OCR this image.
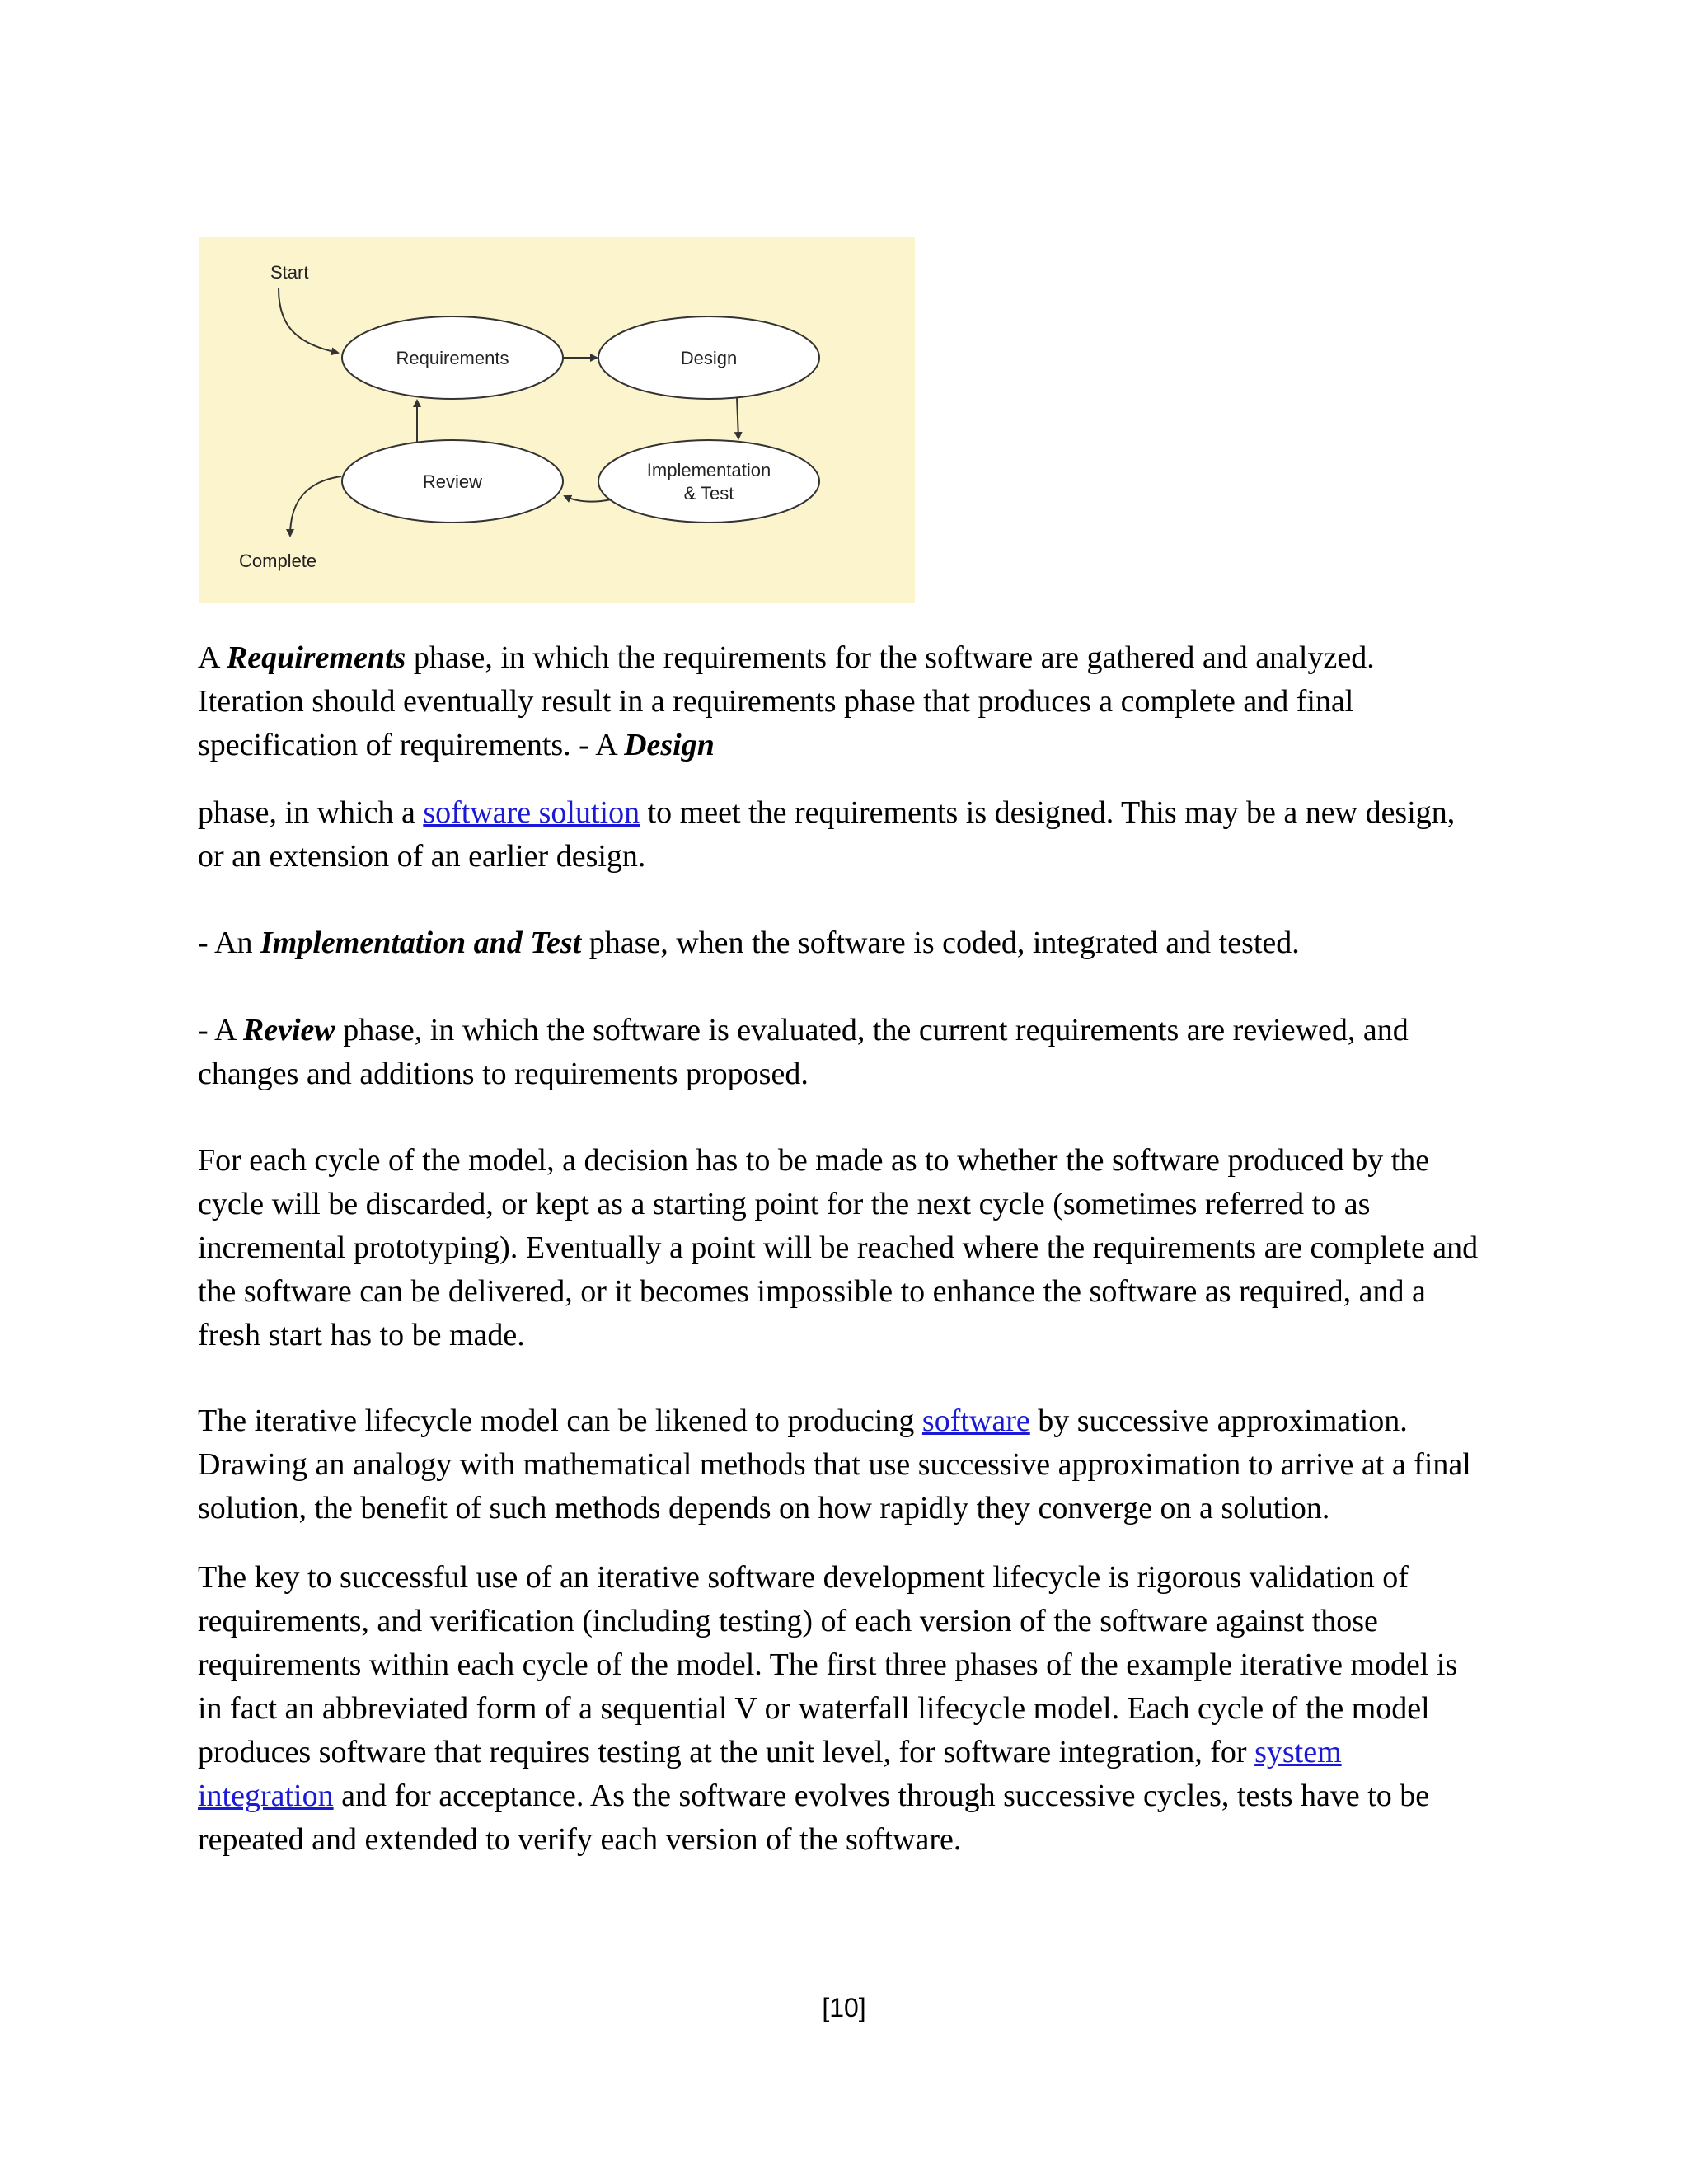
Start
Requirements	Design
Review
Implementation
& Test
Complete

A Requirements phase, in which the requirements for the software are gathered and analyzed. Iteration should eventually result in a requirements phase that produces a complete and final specification of requirements. - A Design

phase, in which a software solution to meet the requirements is designed. This may be a new design, or an extension of an earlier design.

- An Implementation and Test phase, when the software is coded, integrated and tested.

- A Review phase, in which the software is evaluated, the current requirements are reviewed, and changes and additions to requirements proposed.

For each cycle of the model, a decision has to be made as to whether the software produced by the cycle will be discarded, or kept as a starting point for the next cycle (sometimes referred to as incremental prototyping). Eventually a point will be reached where the requirements are complete and the software can be delivered, or it becomes impossible to enhance the software as required, and a fresh start has to be made.

The iterative lifecycle model can be likened to producing software by successive approximation. Drawing an analogy with mathematical methods that use successive approximation to arrive at a final solution, the benefit of such methods depends on how rapidly they converge on a solution.

The key to successful use of an iterative software development lifecycle is rigorous validation of requirements, and verification (including testing) of each version of the software against those requirements within each cycle of the model. The first three phases of the example iterative model is in fact an abbreviated form of a sequential V or waterfall lifecycle model. Each cycle of the model produces software that requires testing at the unit level, for software integration, for system integration and for acceptance. As the software evolves through successive cycles, tests have to be repeated and extended to verify each version of the software.

[10]
